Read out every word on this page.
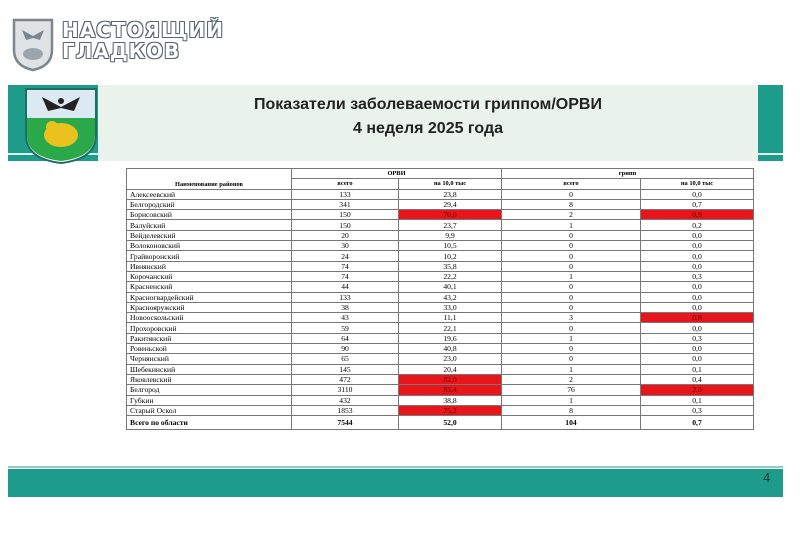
НАСТОЯЩИЙ
ГЛАДКОВ
Показатели заболеваемости гриппом/ОРВИ
4 неделя 2025 года
Наименование районов	ОРВИ		грипп	
	всего	на 10,0 тыс	всего	на 10,0 тыс
Алексеевский	133	23,8	0	0,0
Белгородский	341	29,4	8	0,7
Борисовский	150	70,0	2	0,9
Валуйский	150	23,7	1	0,2
Вейделевский	20	9,9	0	0,0
Волоконовский	30	10,5	0	0,0
Грайворонский	24	10,2	0	0,0
Ивнянский	74	35,8	0	0,0
Корочанский	74	22,2	1	0,3
Красненский	44	40,1	0	0,0
Красногвардейский	133	43,2	0	0,0
Краснояружский	38	33,0	0	0,0
Новооскольский	43	11,1	3	0,8
Прохоровский	59	22,1	0	0,0
Ракитянский	64	19,6	1	0,3
Ровеньской	90	40,8	0	0,0
Чернянский	65	23,0	0	0,0
Шебекинский	145	20,4	1	0,1
Яковлевский	472	82,0	2	0,4
Белгород	3110	83,4	76	2,0
Губкин	432	38,8	1	0,1
Старый Оскол	1853	75,2	8	0,3
Всего по области	7544	52,0	104	0,7
4
